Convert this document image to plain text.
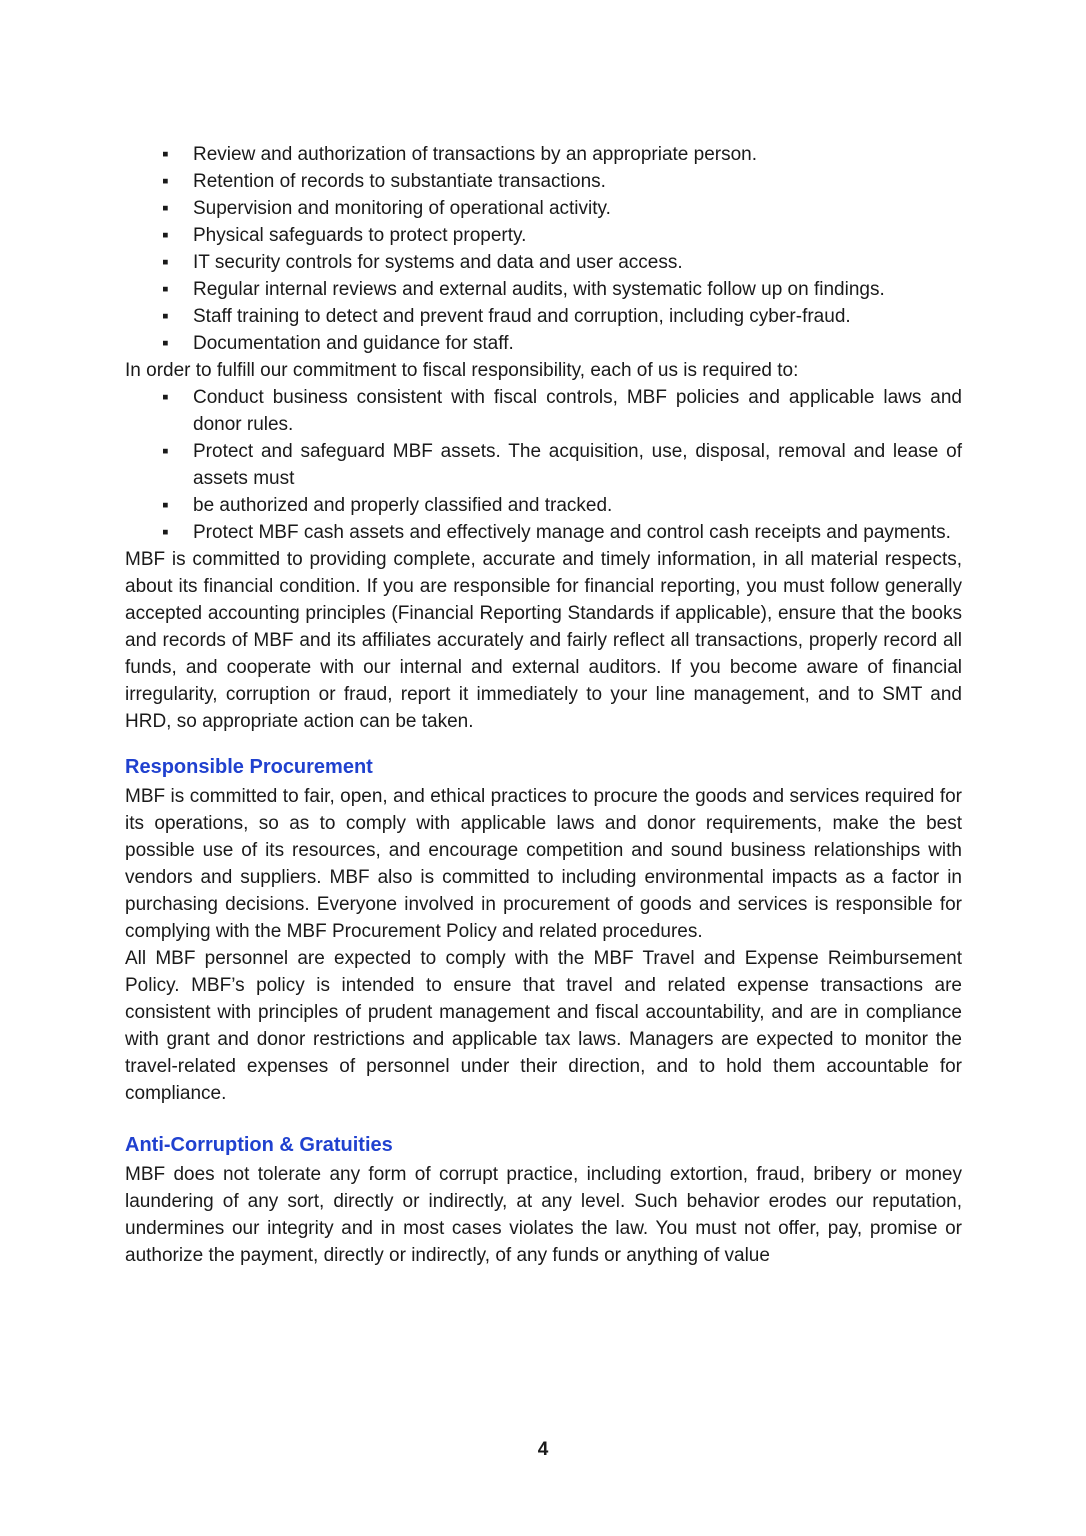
▪	Review and authorization of transactions by an appropriate person.
▪	Retention of records to substantiate transactions.
▪	Supervision and monitoring of operational activity.
▪	Physical safeguards to protect property.
▪	IT security controls for systems and data and user access.
▪	Regular internal reviews and external audits, with systematic follow up on findings.
▪	Staff training to detect and prevent fraud and corruption, including cyber-fraud.
▪	Documentation and guidance for staff.

In order to fulfill our commitment to fiscal responsibility, each of us is required to:

▪	Conduct business consistent with fiscal controls, MBF policies and applicable laws and donor rules.
▪	Protect and safeguard MBF assets. The acquisition, use, disposal, removal and lease of assets must
▪	be authorized and properly classified and tracked.
▪	Protect MBF cash assets and effectively manage and control cash receipts and payments.

MBF is committed to providing complete, accurate and timely information, in all material respects, about its financial condition. If you are responsible for financial reporting, you must follow generally accepted accounting principles (Financial Reporting Standards if applicable), ensure that the books and records of MBF and its affiliates accurately and fairly reflect all transactions, properly record all funds, and cooperate with our internal and external auditors. If you become aware of financial irregularity, corruption or fraud, report it immediately to your line management, and to SMT and HRD, so appropriate action can be taken.

Responsible Procurement

MBF is committed to fair, open, and ethical practices to procure the goods and services required for its operations, so as to comply with applicable laws and donor requirements, make the best possible use of its resources, and encourage competition and sound business relationships with vendors and suppliers. MBF also is committed to including environmental impacts as a factor in purchasing decisions. Everyone involved in procurement of goods and services is responsible for complying with the MBF Procurement Policy and related procedures.

All MBF personnel are expected to comply with the MBF Travel and Expense Reimbursement Policy. MBF’s policy is intended to ensure that travel and related expense transactions are consistent with principles of prudent management and fiscal accountability, and are in compliance with grant and donor restrictions and applicable tax laws. Managers are expected to monitor the travel-related expenses of personnel under their direction, and to hold them accountable for compliance.

Anti-Corruption & Gratuities

MBF does not tolerate any form of corrupt practice, including extortion, fraud, bribery or money laundering of any sort, directly or indirectly, at any level. Such behavior erodes our reputation, undermines our integrity and in most cases violates the law. You must not offer, pay, promise or authorize the payment, directly or indirectly, of any funds or anything of value

4
